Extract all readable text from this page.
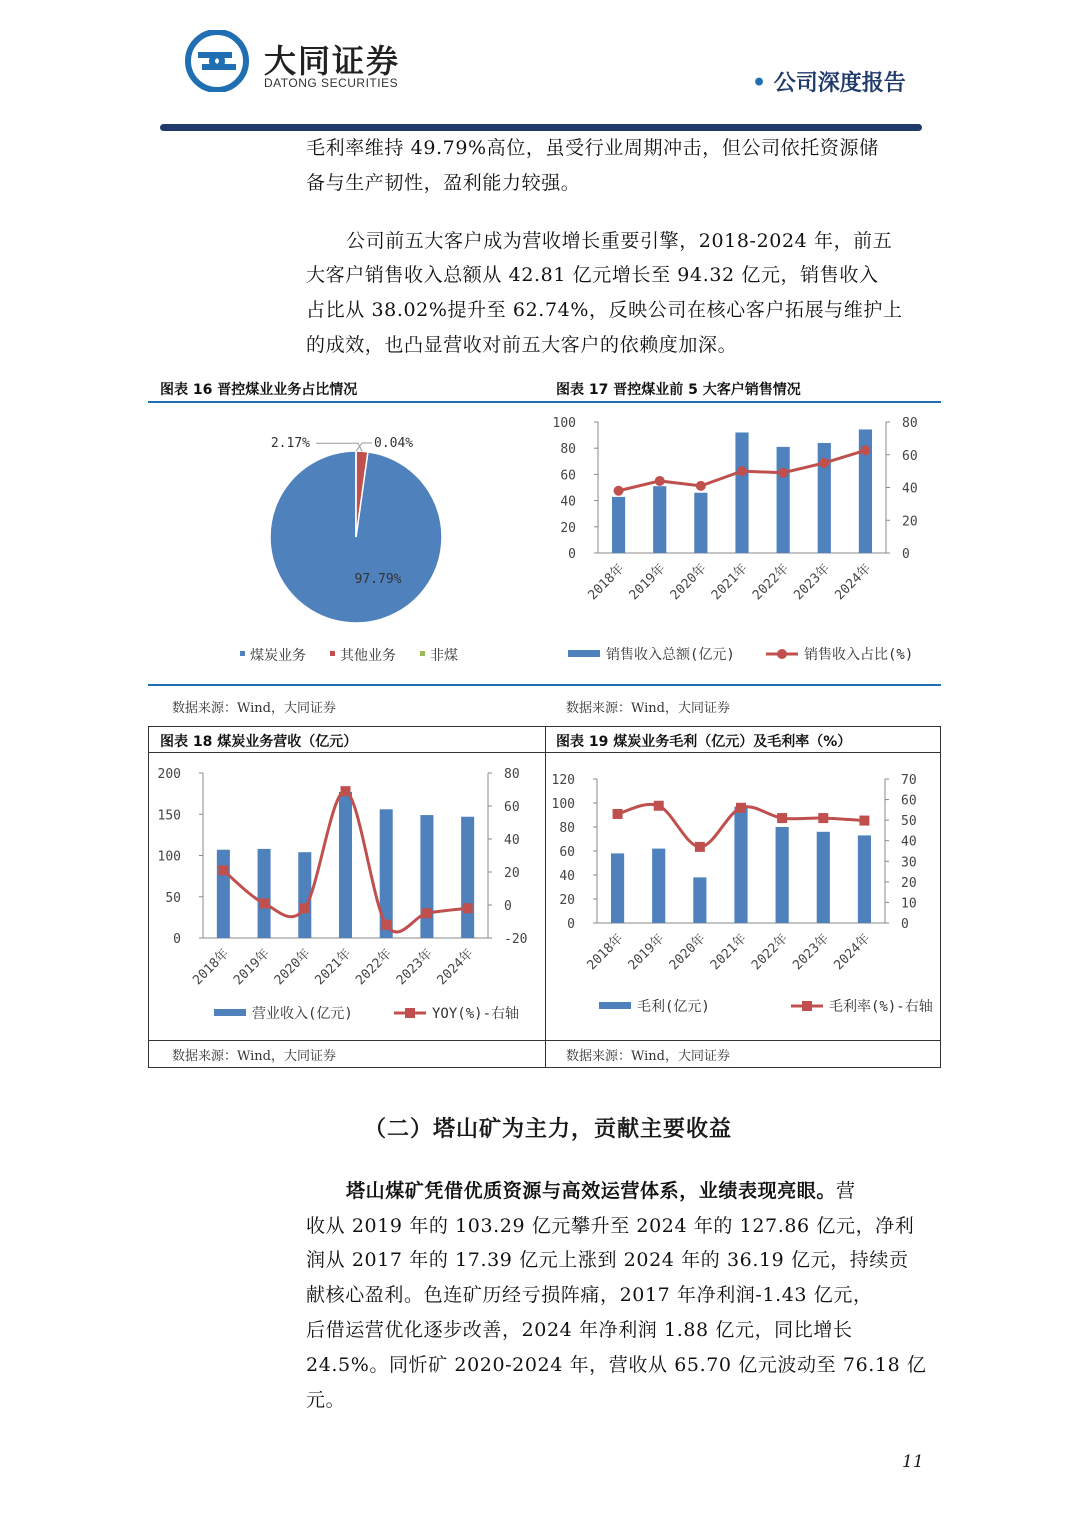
大同证券
DATONG SECURITIES	• 公司深度报告
毛利率维持 49.79%高位，虽受行业周期冲击，但公司依托资源储
备与生产韧性，盈利能力较强。
公司前五大客户成为营收增长重要引擎，2018-2024 年，前五
大客户销售收入总额从 42.81 亿元增长至 94.32 亿元，销售收入
占比从 38.02%提升至 62.74%，反映公司在核心客户拓展与维护上
的成效，也凸显营收对前五大客户的依赖度加深。
图表 16 晋控煤业业务占比情况	图表 17 晋控煤业前 5 大客户销售情况
97.79%
2.17%	0.04%
煤炭业务 其他业务 非煤
0
20
40
60
80
100
0
20
40
60
80
2018年 2019年 2020年 2021年 2022年 2023年 2024年
销售收入总额(亿元)	销售收入占比(%)
数据来源：Wind，大同证券	数据来源：Wind，大同证券
图表 18 煤炭业务营收（亿元）	图表 19 煤炭业务毛利（亿元）及毛利率（%）
0
50
100
150
200
-20
0
20
40
60
80
2018年
2019年
2020年
2021年
2022年
2023年
2024年
营业收入(亿元)	YOY(%)-右轴
0
20
40
60
80
100
120
0
10
20
30
40
50
60
70
2018年 2019年 2020年 2021年 2022年 2023年 2024年
毛利(亿元)	毛利率(%)-右轴
数据来源：Wind，大同证券	数据来源：Wind，大同证券
（二）塔山矿为主力，贡献主要收益
塔山煤矿凭借优质资源与高效运营体系，业绩表现亮眼。营
收从 2019 年的 103.29 亿元攀升至 2024 年的 127.86 亿元，净利
润从 2017 年的 17.39 亿元上涨到 2024 年的 36.19 亿元，持续贡
献核心盈利。色连矿历经亏损阵痛，2017 年净利润-1.43 亿元，
后借运营优化逐步改善，2024 年净利润 1.88 亿元，同比增长
24.5%。同忻矿 2020-2024 年，营收从 65.70 亿元波动至 76.18 亿
元。
11
